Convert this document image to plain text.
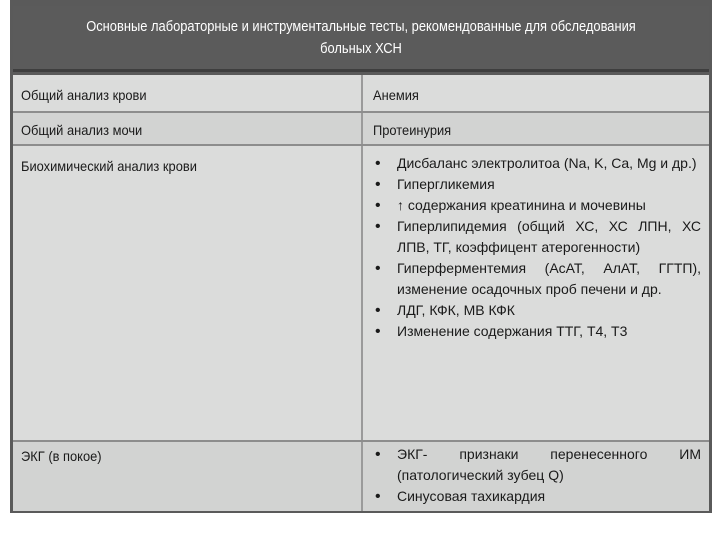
Основные лабораторные и инструментальные тесты, рекомендованные для обследования больных ХСН
Общий анализ крови	Анемия
Общий анализ мочи	Протеинурия
Биохимический анализ крови	• Дисбаланс электролитоа (Na, K, Ca, Mg и др.)
• Гипергликемия
• ↑ содержания креатинина и мочевины
• Гиперлипидемия (общий ХС, ХС ЛПН, ХС ЛПВ, ТГ, коэффицент атерогенности)
• Гиперферментемия (АсАТ, АлАТ, ГГТП), изменение осадочных проб печени и др.
• ЛДГ, КФК, МВ КФК
• Изменение содержания ТТГ, Т4, Т3
ЭКГ (в покое)	• ЭКГ- признаки перенесенного ИМ (патологический зубец Q)
• Синусовая тахикардия
